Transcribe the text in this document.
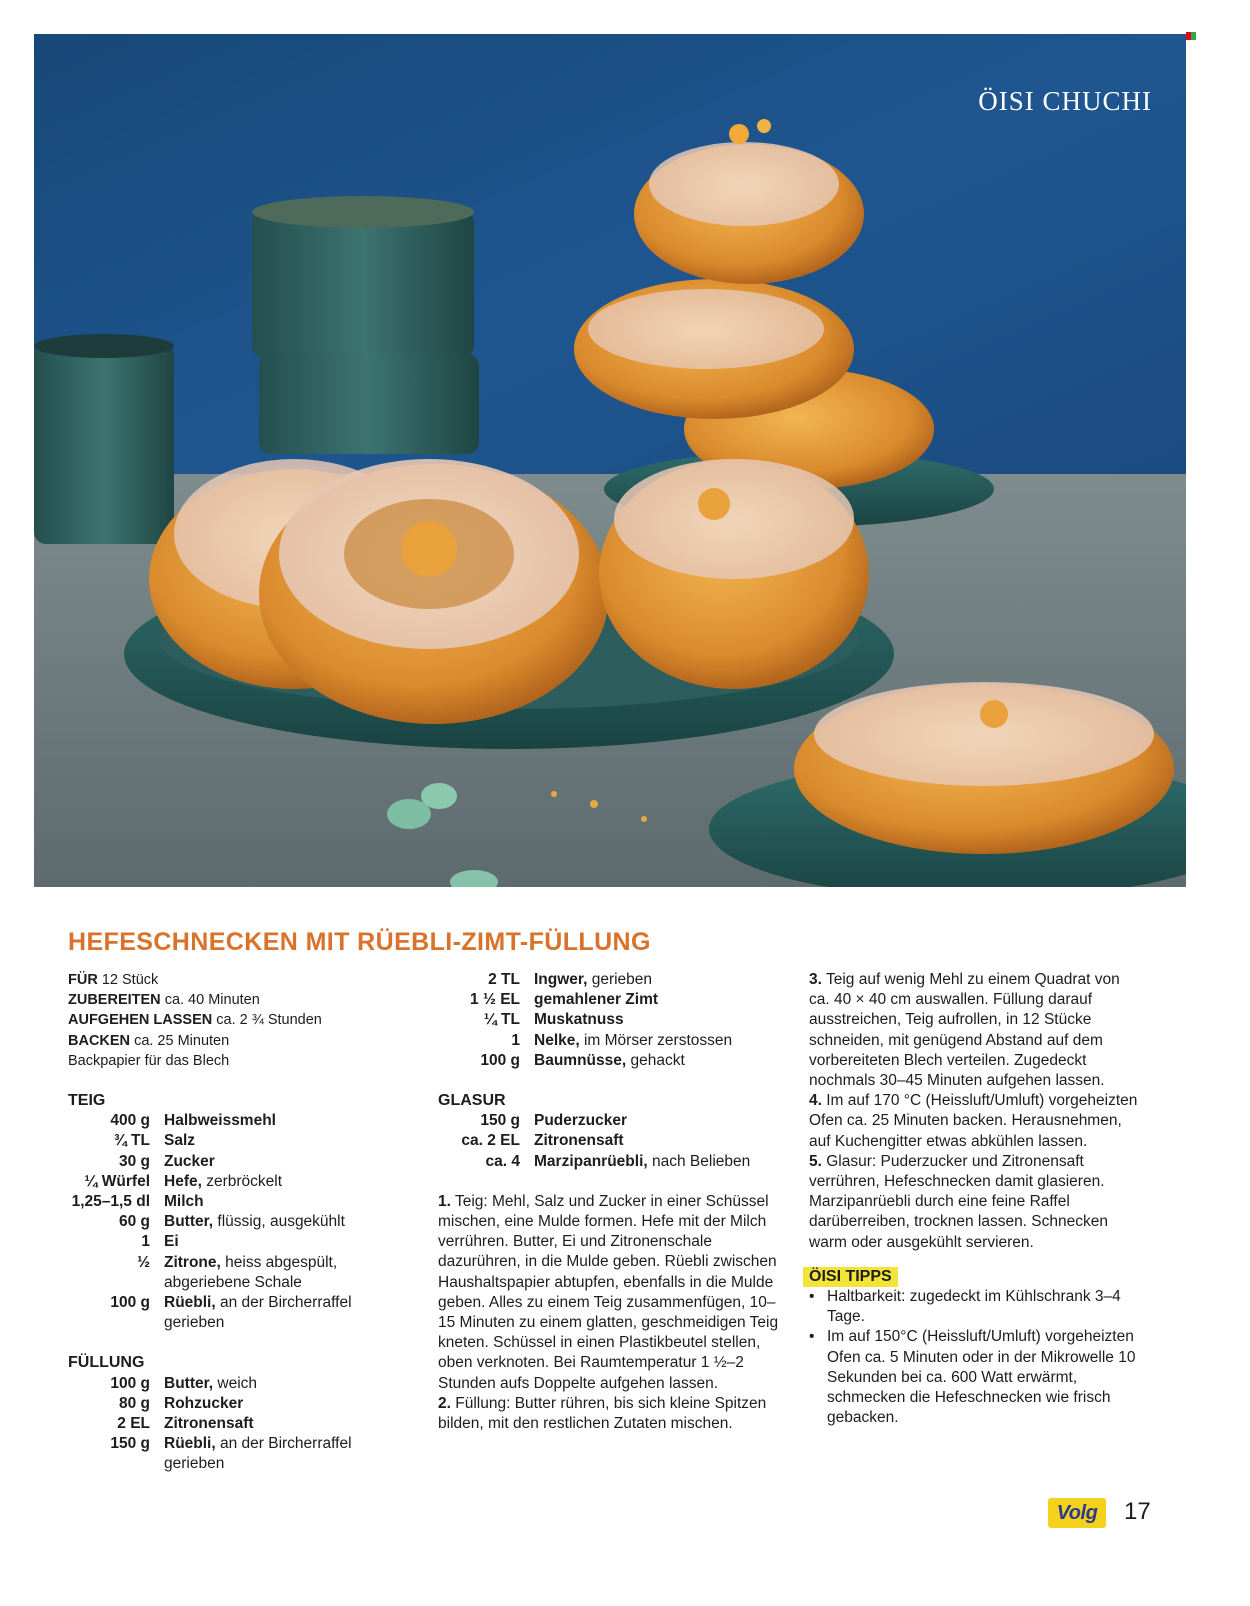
ÖISI CHUCHI
HEFESCHNECKEN MIT RÜEBLI-ZIMT-FÜLLUNG
FÜR 12 Stück
ZUBEREITEN ca. 40 Minuten
AUFGEHEN LASSEN ca. 2 ¾ Stunden
BACKEN ca. 25 Minuten
Backpapier für das Blech
TEIG
400 g Halbweissmehl
¾ TL Salz
30 g Zucker
¼ Würfel Hefe, zerbröckelt
1,25–1,5 dl Milch
60 g Butter, flüssig, ausgekühlt
1 Ei
½ Zitrone, heiss abgespült, abgeriebene Schale
100 g Rüebli, an der Bircherraffel gerieben
FÜLLUNG
100 g Butter, weich
80 g Rohzucker
2 EL Zitronensaft
150 g Rüebli, an der Bircherraffel gerieben
2 TL Ingwer, gerieben
1 ½ EL gemahlener Zimt
¼ TL Muskatnuss
1 Nelke, im Mörser zerstossen
100 g Baumnüsse, gehackt
GLASUR
150 g Puderzucker
ca. 2 EL Zitronensaft
ca. 4 Marzipanrüebli, nach Belieben

1. Teig: Mehl, Salz und Zucker in einer Schüssel mischen, eine Mulde formen. Hefe mit der Milch verrühren. Butter, Ei und Zitronenschale dazurühren, in die Mulde geben. Rüebli zwischen Haushaltspapier abtupfen, ebenfalls in die Mulde geben. Alles zu einem Teig zusammenfügen, 10–15 Minuten zu einem glatten, geschmeidigen Teig kneten. Schüssel in einen Plastikbeutel stellen, oben verknoten. Bei Raumtemperatur 1 ½–2 Stunden aufs Doppelte aufgehen lassen.

2. Füllung: Butter rühren, bis sich kleine Spitzen bilden, mit den restlichen Zutaten mischen.

3. Teig auf wenig Mehl zu einem Quadrat von ca. 40 × 40 cm auswallen. Füllung darauf ausstreichen, Teig aufrollen, in 12 Stücke schneiden, mit genügend Abstand auf dem vorbereiteten Blech verteilen. Zugedeckt nochmals 30–45 Minuten aufgehen lassen.

4. Im auf 170 °C (Heissluft/Umluft) vorgeheizten Ofen ca. 25 Minuten backen. Herausnehmen, auf Kuchengitter etwas abkühlen lassen.

5. Glasur: Puderzucker und Zitronensaft verrühren, Hefeschnecken damit glasieren. Marzipanrüebli durch eine feine Raffel darüberreiben, trocknen lassen. Schnecken warm oder ausgekühlt servieren.

ÖISI TIPPS
• Haltbarkeit: zugedeckt im Kühlschrank 3–4 Tage.
• Im auf 150°C (Heissluft/Umluft) vorgeheizten Ofen ca. 5 Minuten oder in der Mikrowelle 10 Sekunden bei ca. 600 Watt erwärmt, schmecken die Hefeschnecken wie frisch gebacken.
Volg 17
